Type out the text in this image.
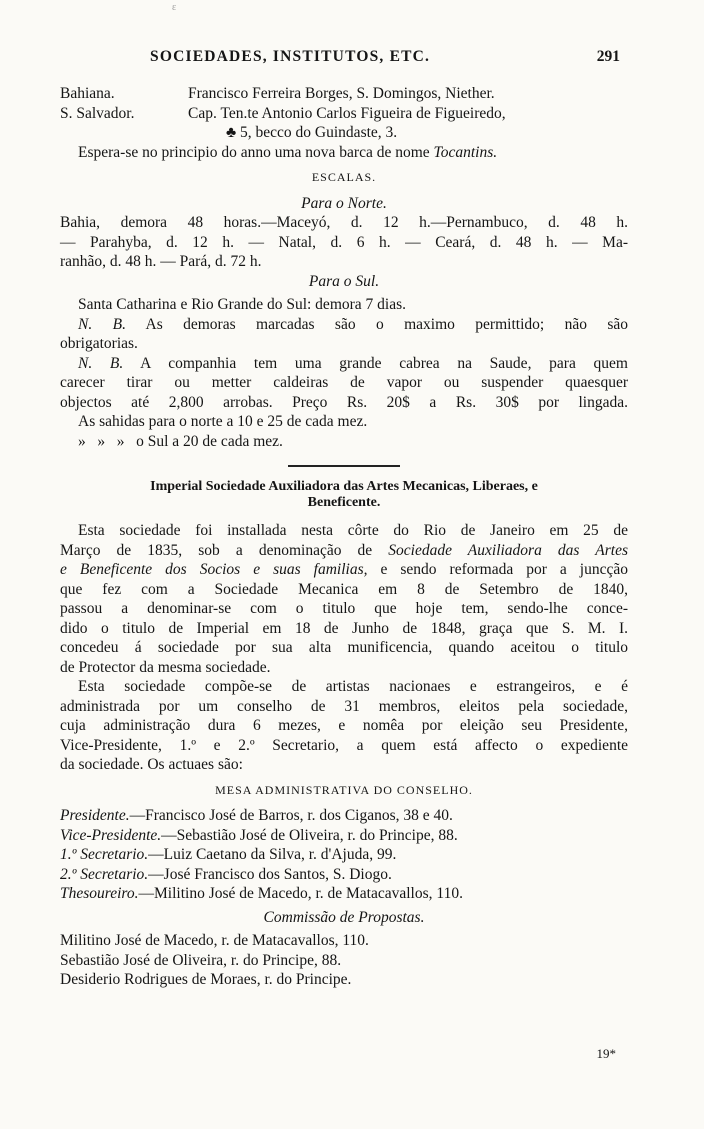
ɛ
SOCIEDADES, INSTITUTOS, ETC.	291
Bahiana.	Francisco Ferreira Borges, S. Domingos, Niether.
S. Salvador.	Cap. Ten.te Antonio Carlos Figueira de Figueiredo,
♣ 5, becco do Guindaste, 3.
Espera-se no principio do anno uma nova barca de nome Tocantins.
ESCALAS.
Para o Norte.
Bahia, demora 48 horas.—Maceyó, d. 12 h.—Pernambuco, d. 48 h.
— Parahyba, d. 12 h. — Natal, d. 6 h. — Ceará, d. 48 h. — Ma-
ranhão, d. 48 h. — Pará, d. 72 h.
Para o Sul.
Santa Catharina e Rio Grande do Sul: demora 7 dias.
N. B. As demoras marcadas são o maximo permittido; não são
obrigatorias.
N. B. A companhia tem uma grande cabrea na Saude, para quem
carecer tirar ou metter caldeiras de vapor ou suspender quaesquer
objectos até 2,800 arrobas. Preço Rs. 20$ a Rs. 30$ por lingada.
As sahidas para o norte a 10 e 25 de cada mez.
»   »   »   o Sul a 20 de cada mez.
Imperial Sociedade Auxiliadora das Artes Mecanicas, Liberaes, e
Beneficente.
Esta sociedade foi installada nesta côrte do Rio de Janeiro em 25 de
Março de 1835, sob a denominação de Sociedade Auxiliadora das Artes
e Beneficente dos Socios e suas familias, e sendo reformada por a juncção
que fez com a Sociedade Mecanica em 8 de Setembro de 1840,
passou a denominar-se com o titulo que hoje tem, sendo-lhe conce-
dido o titulo de Imperial em 18 de Junho de 1848, graça que S. M. I.
concedeu á sociedade por sua alta munificencia, quando aceitou o titulo
de Protector da mesma sociedade.
Esta sociedade compõe-se de artistas nacionaes e estrangeiros, e é
administrada por um conselho de 31 membros, eleitos pela sociedade,
cuja administração dura 6 mezes, e nomêa por eleição seu Presidente,
Vice-Presidente, 1.º e 2.º Secretario, a quem está affecto o expediente
da sociedade. Os actuaes são:
MESA ADMINISTRATIVA DO CONSELHO.
Presidente.—Francisco José de Barros, r. dos Ciganos, 38 e 40.
Vice-Presidente.—Sebastião José de Oliveira, r. do Principe, 88.
1.º Secretario.—Luiz Caetano da Silva, r. d'Ajuda, 99.
2.º Secretario.—José Francisco dos Santos, S. Diogo.
Thesoureiro.—Militino José de Macedo, r. de Matacavallos, 110.
Commissão de Propostas.
Militino José de Macedo, r. de Matacavallos, 110.
Sebastião José de Oliveira, r. do Principe, 88.
Desiderio Rodrigues de Moraes, r. do Principe.
19*
